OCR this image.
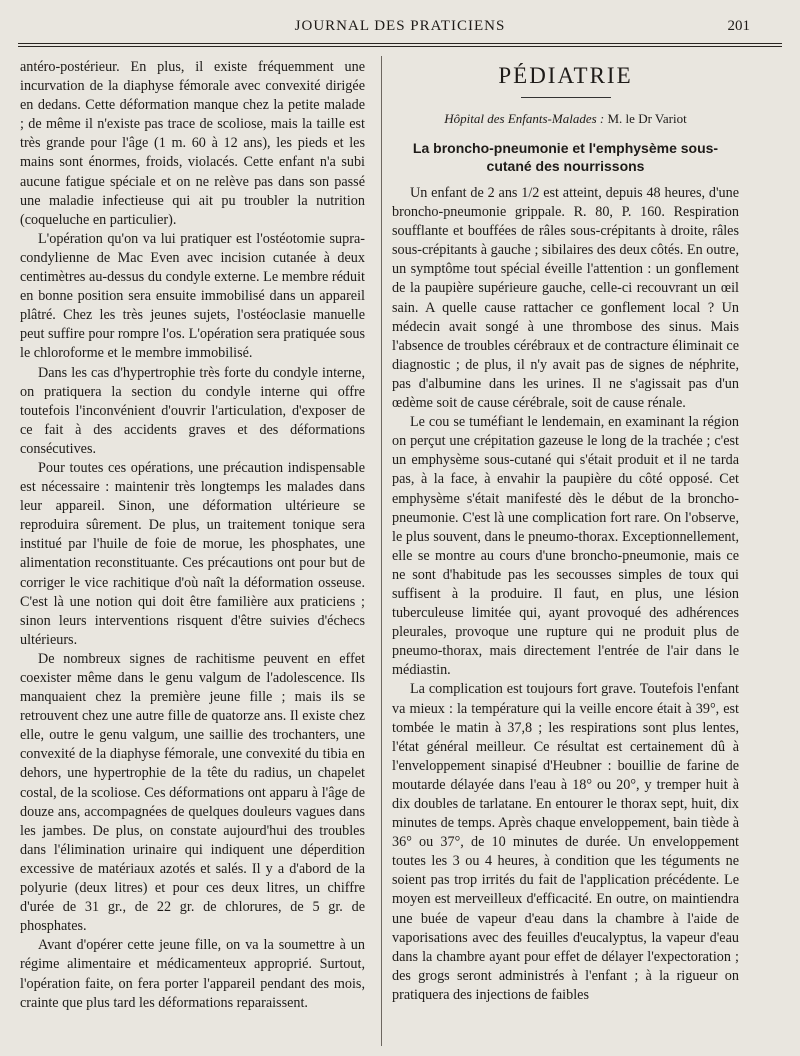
JOURNAL DES PRATICIENS	201

antéro-postérieur. En plus, il existe fréquemment une incurvation de la diaphyse fémorale avec convexité dirigée en dedans. Cette déformation manque chez la petite malade ; de même il n'existe pas trace de scoliose, mais la taille est très grande pour l'âge (1 m. 60 à 12 ans), les pieds et les mains sont énormes, froids, violacés. Cette enfant n'a subi aucune fatigue spéciale et on ne relève pas dans son passé une maladie infectieuse qui ait pu troubler la nutrition (coqueluche en particulier).

L'opération qu'on va lui pratiquer est l'ostéotomie supra-condylienne de Mac Even avec incision cutanée à deux centimètres au-dessus du condyle externe. Le membre réduit en bonne position sera ensuite immobilisé dans un appareil plâtré. Chez les très jeunes sujets, l'ostéoclasie manuelle peut suffire pour rompre l'os. L'opération sera pratiquée sous le chloroforme et le membre immobilisé.

Dans les cas d'hypertrophie très forte du condyle interne, on pratiquera la section du condyle interne qui offre toutefois l'inconvénient d'ouvrir l'articulation, d'exposer de ce fait à des accidents graves et des déformations consécutives.

Pour toutes ces opérations, une précaution indispensable est nécessaire : maintenir très longtemps les malades dans leur appareil. Sinon, une déformation ultérieure se reproduira sûrement. De plus, un traitement tonique sera institué par l'huile de foie de morue, les phosphates, une alimentation reconstituante. Ces précautions ont pour but de corriger le vice rachitique d'où naît la déformation osseuse. C'est là une notion qui doit être familière aux praticiens ; sinon leurs interventions risquent d'être suivies d'échecs ultérieurs.

De nombreux signes de rachitisme peuvent en effet coexister même dans le genu valgum de l'adolescence. Ils manquaient chez la première jeune fille ; mais ils se retrouvent chez une autre fille de quatorze ans. Il existe chez elle, outre le genu valgum, une saillie des trochanters, une convexité de la diaphyse fémorale, une convexité du tibia en dehors, une hypertrophie de la tête du radius, un chapelet costal, de la scoliose. Ces déformations ont apparu à l'âge de douze ans, accompagnées de quelques douleurs vagues dans les jambes. De plus, on constate aujourd'hui des troubles dans l'élimination urinaire qui indiquent une déperdition excessive de matériaux azotés et salés. Il y a d'abord de la polyurie (deux litres) et pour ces deux litres, un chiffre d'urée de 31 gr., de 22 gr. de chlorures, de 5 gr. de phosphates.

Avant d'opérer cette jeune fille, on va la soumettre à un régime alimentaire et médicamenteux approprié. Surtout, l'opération faite, on fera porter l'appareil pendant des mois, crainte que plus tard les déformations reparaissent.

PÉDIATRIE
Hôpital des Enfants-Malades : M. le Dr Variot
La broncho-pneumonie et l'emphysème sous-cutané des nourrissons

Un enfant de 2 ans 1/2 est atteint, depuis 48 heures, d'une broncho-pneumonie grippale. R. 80, P. 160. Respiration soufflante et bouffées de râles sous-crépitants à droite, râles sous-crépitants à gauche ; sibilaires des deux côtés. En outre, un symptôme tout spécial éveille l'attention : un gonflement de la paupière supérieure gauche, celle-ci recouvrant un œil sain. A quelle cause rattacher ce gonflement local ? Un médecin avait songé à une thrombose des sinus. Mais l'absence de troubles cérébraux et de contracture éliminait ce diagnostic ; de plus, il n'y avait pas de signes de néphrite, pas d'albumine dans les urines. Il ne s'agissait pas d'un œdème soit de cause cérébrale, soit de cause rénale.

Le cou se tuméfiant le lendemain, en examinant la région on perçut une crépitation gazeuse le long de la trachée ; c'est un emphysème sous-cutané qui s'était produit et il ne tarda pas, à la face, à envahir la paupière du côté opposé. Cet emphysème s'était manifesté dès le début de la broncho-pneumonie. C'est là une complication fort rare. On l'observe, le plus souvent, dans le pneumo-thorax. Exceptionnellement, elle se montre au cours d'une broncho-pneumonie, mais ce ne sont d'habitude pas les secousses simples de toux qui suffisent à la produire. Il faut, en plus, une lésion tuberculeuse limitée qui, ayant provoqué des adhérences pleurales, provoque une rupture qui ne produit plus de pneumo-thorax, mais directement l'entrée de l'air dans le médiastin.

La complication est toujours fort grave. Toutefois l'enfant va mieux : la température qui la veille encore était à 39°, est tombée le matin à 37,8 ; les respirations sont plus lentes, l'état général meilleur. Ce résultat est certainement dû à l'enveloppement sinapisé d'Heubner : bouillie de farine de moutarde délayée dans l'eau à 18° ou 20°, y tremper huit à dix doubles de tarlatane. En entourer le thorax sept, huit, dix minutes de temps. Après chaque enveloppement, bain tiède à 36° ou 37°, de 10 minutes de durée. Un enveloppement toutes les 3 ou 4 heures, à condition que les téguments ne soient pas trop irrités du fait de l'application précédente. Le moyen est merveilleux d'efficacité. En outre, on maintiendra une buée de vapeur d'eau dans la chambre à l'aide de vaporisations avec des feuilles d'eucalyptus, la vapeur d'eau dans la chambre ayant pour effet de délayer l'expectoration ; des grogs seront administrés à l'enfant ; à la rigueur on pratiquera des injections de faibles
